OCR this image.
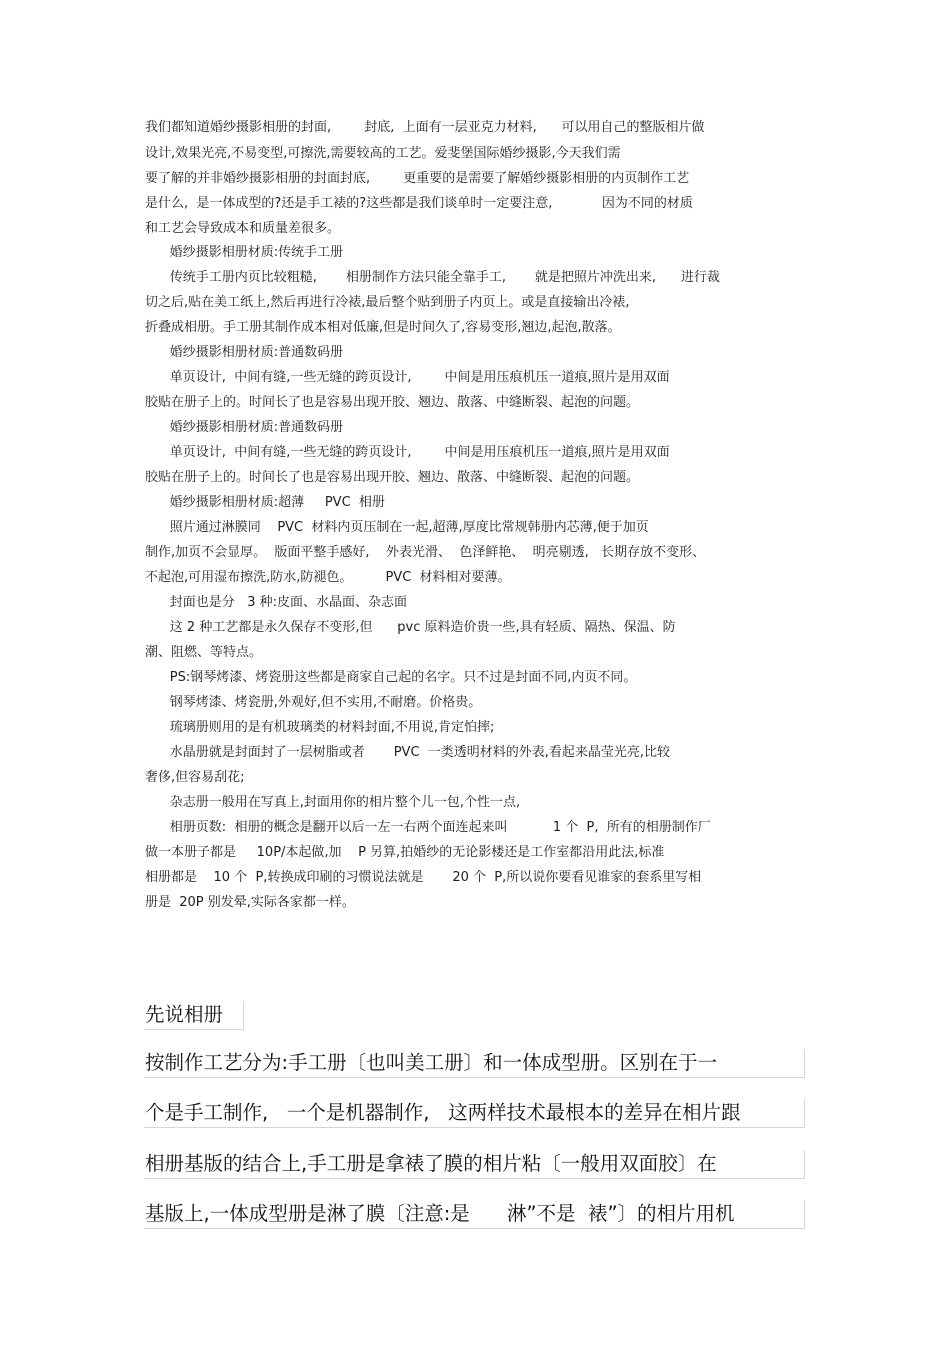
我们都知道婚纱摄影相册的封面,        封底,  上面有一层亚克力材料,      可以用自己的整版相片做
设计,效果光亮,不易变型,可擦洗,需要较高的工艺。爱斐堡国际婚纱摄影,今天我们需
要了解的并非婚纱摄影相册的封面封底,        更重要的是需要了解婚纱摄影相册的内页制作工艺
是什么,  是一体成型的?还是手工裱的?这些都是我们谈单时一定要注意,            因为不同的材质
和工艺会导致成本和质量差很多。
婚纱摄影相册材质:传统手工册
传统手工册内页比较粗糙,       相册制作方法只能全靠手工,       就是把照片冲洗出来,      进行裁
切之后,贴在美工纸上,然后再进行冷裱,最后整个贴到册子内页上。或是直接输出冷裱,
折叠成相册。手工册其制作成本相对低廉,但是时间久了,容易变形,翘边,起泡,散落。
婚纱摄影相册材质:普通数码册
单页设计,  中间有缝,一些无缝的跨页设计,        中间是用压痕机压一道痕,照片是用双面
胶贴在册子上的。时间长了也是容易出现开胶、翘边、散落、中缝断裂、起泡的问题。
婚纱摄影相册材质:普通数码册
单页设计,  中间有缝,一些无缝的跨页设计,        中间是用压痕机压一道痕,照片是用双面
胶贴在册子上的。时间长了也是容易出现开胶、翘边、散落、中缝断裂、起泡的问题。
婚纱摄影相册材质:超薄     PVC  相册
照片通过淋膜同    PVC  材料内页压制在一起,超薄,厚度比常规韩册内芯薄,便于加页
制作,加页不会显厚。  版面平整手感好,    外表光滑、  色泽鲜艳、  明亮剔透,   长期存放不变形、
不起泡,可用湿布擦洗,防水,防褪色。        PVC  材料相对要薄。
封面也是分   3 种:皮面、水晶面、杂志面
这 2 种工艺都是永久保存不变形,但      pvc 原料造价贵一些,具有轻质、隔热、保温、防
潮、阻燃、等特点。
PS:钢琴烤漆、烤瓷册这些都是商家自己起的名字。只不过是封面不同,内页不同。
钢琴烤漆、烤瓷册,外观好,但不实用,不耐磨。价格贵。
琉璃册则用的是有机玻璃类的材料封面,不用说,肯定怕摔;
水晶册就是封面封了一层树脂或者       PVC  一类透明材料的外表,看起来晶莹光亮,比较
奢侈,但容易刮花;
杂志册一般用在写真上,封面用你的相片整个儿一包,个性一点,
相册页数:  相册的概念是翻开以后一左一右两个面连起来叫           1 个  P,  所有的相册制作厂
做一本册子都是     10P/本起做,加    P 另算,拍婚纱的无论影楼还是工作室都沿用此法,标准
相册都是    10 个  P,转换成印刷的习惯说法就是       20 个  P,所以说你要看见谁家的套系里写相
册是  20P 别发晕,实际各家都一样。
先说相册
按制作工艺分为:手工册〔也叫美工册〕和一体成型册。区别在于一
个是手工制作,   一个是机器制作,   这两样技术最根本的差异在相片跟
相册基版的结合上,手工册是拿裱了膜的相片粘〔一般用双面胶〕在
基版上,一体成型册是淋了膜〔注意:是      淋”不是  裱”〕的相片用机
